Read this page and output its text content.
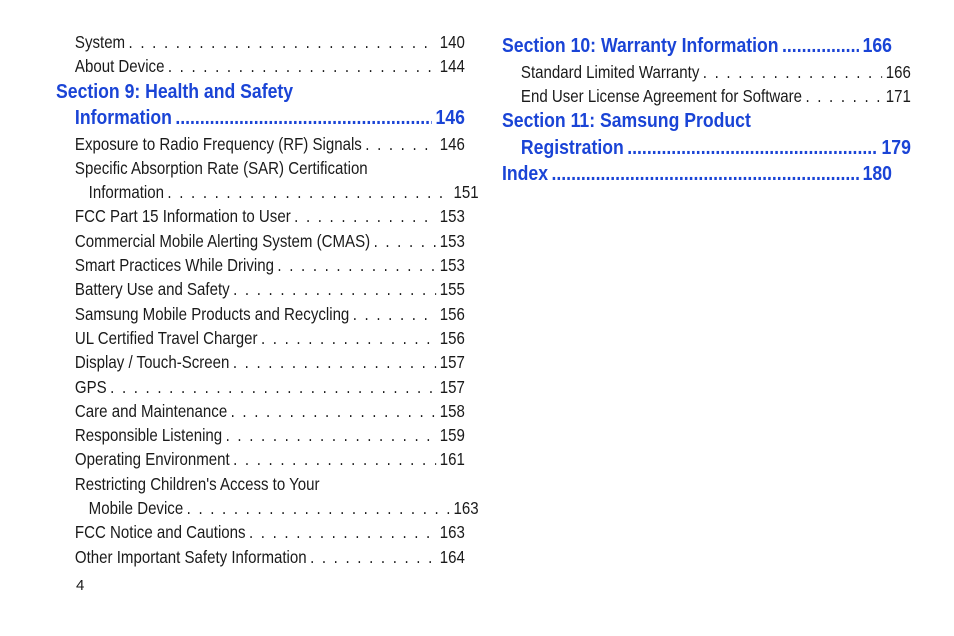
System . . .	140
About Device . . .	144
Section 9: Health and Safety
Information .....	146
Exposure to Radio Frequency (RF) Signals . . .	146
Specific Absorption Rate (SAR) Certification
Information . . .	151
FCC Part 15 Information to User . . .	153
Commercial Mobile Alerting System (CMAS) . . .	153
Smart Practices While Driving . . .	153
Battery Use and Safety . . .	155
Samsung Mobile Products and Recycling . . .	156
UL Certified Travel Charger . . .	156
Display / Touch-Screen . . .	157
GPS . . .	157
Care and Maintenance . . .	158
Responsible Listening . . .	159
Operating Environment . . .	161
Restricting Children's Access to Your
Mobile Device . . .	163
FCC Notice and Cautions . . .	163
Other Important Safety Information . . .	164
Section 10: Warranty Information .....	166
Standard Limited Warranty . . .	166
End User License Agreement for Software . . .	171
Section 11: Samsung Product
Registration .....	179
Index .....	180
4
